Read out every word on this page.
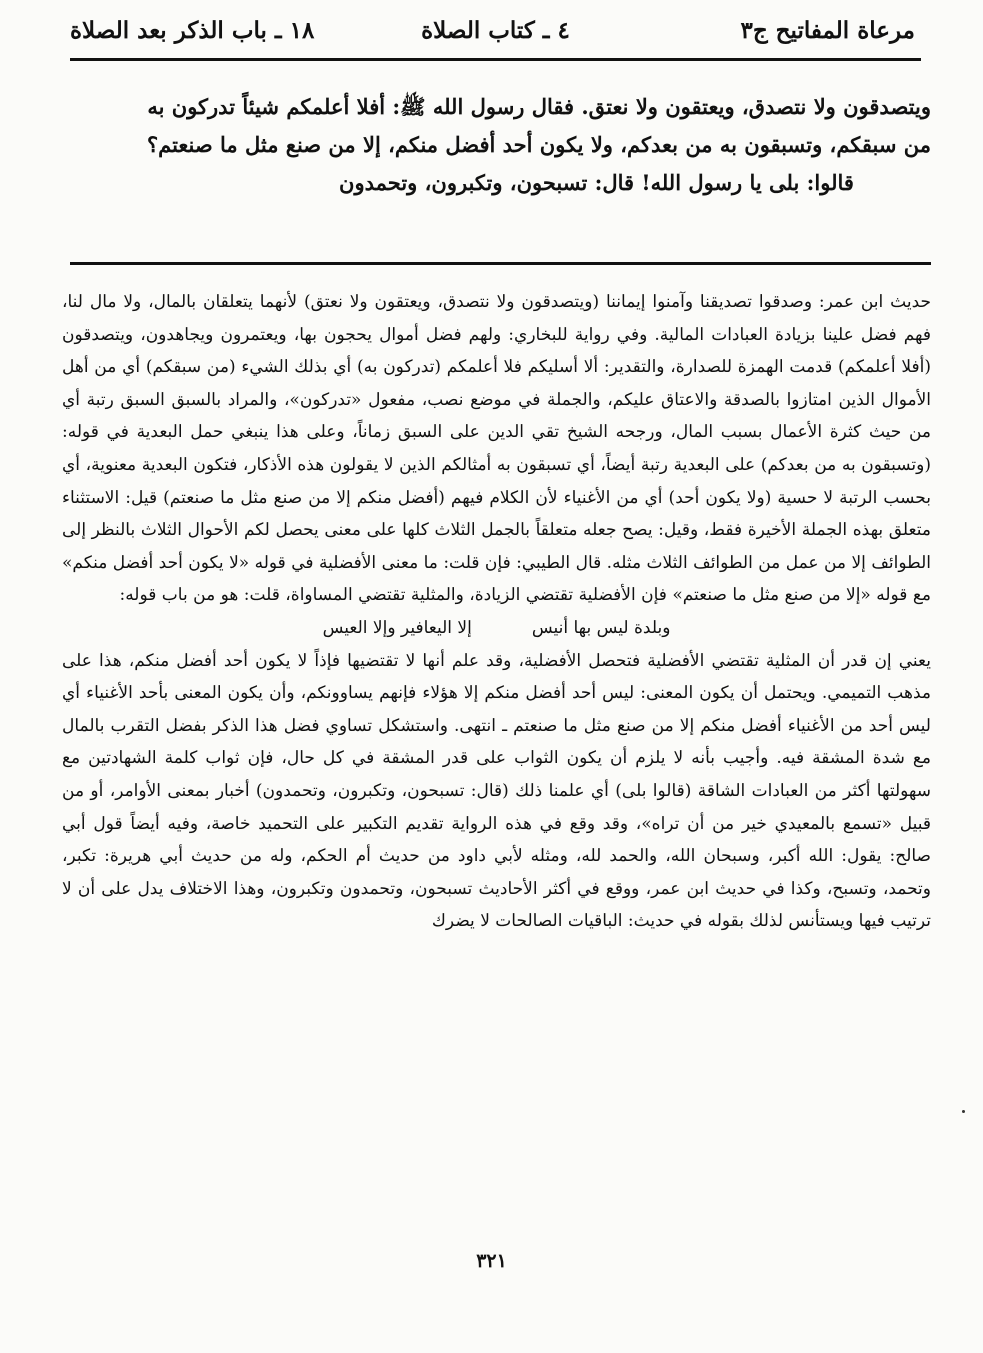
مرعاة المفاتيح ج٣
٤ ـ كتاب الصلاة
١٨ ـ باب الذكر بعد الصلاة

ويتصدقون ولا نتصدق، ويعتقون ولا نعتق. فقال رسول الله ﷺ: أفلا أعلمكم شيئاً تدركون به

من سبقكم، وتسبقون به من بعدكم، ولا يكون أحد أفضل منكم، إلا من صنع مثل ما صنعتم؟

قالوا: بلى يا رسول الله! قال: تسبحون، وتكبرون، وتحمدون

حديث ابن عمر: وصدقوا تصديقنا وآمنوا إيماننا (ويتصدقون ولا نتصدق، ويعتقون ولا نعتق) لأنهما يتعلقان بالمال، ولا مال لنا، فهم فضل علينا بزيادة العبادات المالية. وفي رواية للبخاري: ولهم فضل أموال يحجون بها، ويعتمرون ويجاهدون، ويتصدقون (أفلا أعلمكم) قدمت الهمزة للصدارة، والتقدير: ألا أسليكم فلا أعلمكم (تدركون به) أي بذلك الشيء (من سبقكم) أي من أهل الأموال الذين امتازوا بالصدقة والاعتاق عليكم، والجملة في موضع نصب، مفعول «تدركون»، والمراد بالسبق السبق رتبة أي من حيث كثرة الأعمال بسبب المال، ورجحه الشيخ تقي الدين على السبق زماناً، وعلى هذا ينبغي حمل البعدية في قوله: (وتسبقون به من بعدكم) على البعدية رتبة أيضاً، أي تسبقون به أمثالكم الذين لا يقولون هذه الأذكار، فتكون البعدية معنوية، أي بحسب الرتبة لا حسية (ولا يكون أحد) أي من الأغنياء لأن الكلام فيهم (أفضل منكم إلا من صنع مثل ما صنعتم) قيل: الاستثناء متعلق بهذه الجملة الأخيرة فقط، وقيل: يصح جعله متعلقاً بالجمل الثلاث كلها على معنى يحصل لكم الأحوال الثلاث بالنظر إلى الطوائف إلا من عمل من الطوائف الثلاث مثله. قال الطيبي: فإن قلت: ما معنى الأفضلية في قوله «لا يكون أحد أفضل منكم» مع قوله «إلا من صنع مثل ما صنعتم» فإن الأفضلية تقتضي الزيادة، والمثلية تقتضي المساواة، قلت: هو من باب قوله:

وبلدة ليس بها أنيس
إلا اليعافير وإلا العيس

يعني إن قدر أن المثلية تقتضي الأفضلية فتحصل الأفضلية، وقد علم أنها لا تقتضيها فإذاً لا يكون أحد أفضل منكم، هذا على مذهب التميمي. ويحتمل أن يكون المعنى: ليس أحد أفضل منكم إلا هؤلاء فإنهم يساوونكم، وأن يكون المعنى بأحد الأغنياء أي ليس أحد من الأغنياء أفضل منكم إلا من صنع مثل ما صنعتم ـ انتهى. واستشكل تساوي فضل هذا الذكر بفضل التقرب بالمال مع شدة المشقة فيه. وأجيب بأنه لا يلزم أن يكون الثواب على قدر المشقة في كل حال، فإن ثواب كلمة الشهادتين مع سهولتها أكثر من العبادات الشاقة (قالوا بلى) أي علمنا ذلك (قال: تسبحون، وتكبرون، وتحمدون) أخبار بمعنى الأوامر، أو من قبيل «تسمع بالمعيدي خير من أن تراه»، وقد وقع في هذه الرواية تقديم التكبير على التحميد خاصة، وفيه أيضاً قول أبي صالح: يقول: الله أكبر، وسبحان الله، والحمد لله، ومثله لأبي داود من حديث أم الحكم، وله من حديث أبي هريرة: تكبر، وتحمد، وتسبح، وكذا في حديث ابن عمر، ووقع في أكثر الأحاديث تسبحون، وتحمدون وتكبرون، وهذا الاختلاف يدل على أن لا ترتيب فيها ويستأنس لذلك بقوله في حديث: الباقيات الصالحات لا يضرك

٣٢١
